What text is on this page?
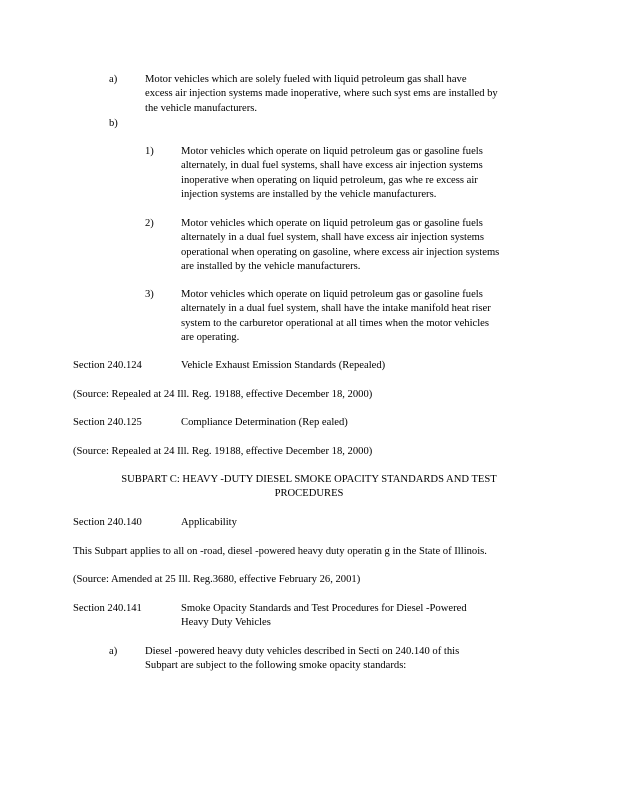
a)	Motor vehicles which are solely fueled with liquid petroleum gas shall have
excess air injection systems made inoperative, where such syst ems are installed by
the vehicle manufacturers.
b)
1)	Motor vehicles which operate on liquid petroleum gas or gasoline fuels
alternately, in dual fuel systems, shall have excess air injection systems
inoperative when operating on liquid petroleum, gas whe re excess air
injection systems are installed by the vehicle manufacturers.
2)	Motor vehicles which operate on liquid petroleum gas or gasoline fuels
alternately in a dual fuel system, shall have excess air injection systems
operational when operating on gasoline, where excess air injection systems
are installed by the vehicle manufacturers.
3)	Motor vehicles which operate on liquid petroleum gas or gasoline fuels
alternately in a dual fuel system, shall have the intake manifold heat riser
system to the carburetor operational at all times when the motor vehicles
are operating.
Section 240.124	Vehicle Exhaust Emission Standards (Repealed)
(Source: Repealed at 24 Ill. Reg. 19188, effective December 18, 2000)
Section 240.125	Compliance Determination (Rep ealed)
(Source: Repealed at 24 Ill. Reg. 19188, effective December 18, 2000)
SUBPART C: HEAVY -DUTY DIESEL SMOKE OPACITY STANDARDS AND TEST
PROCEDURES
Section 240.140	Applicability
This Subpart applies to all on -road, diesel -powered heavy duty operatin g in the State of Illinois.
(Source: Amended at 25 Ill. Reg.3680, effective February 26, 2001)
Section 240.141	Smoke Opacity Standards and Test Procedures for Diesel -Powered
Heavy Duty Vehicles
a)	Diesel -powered heavy duty vehicles described in Secti on 240.140 of this
Subpart are subject to the following smoke opacity standards:
